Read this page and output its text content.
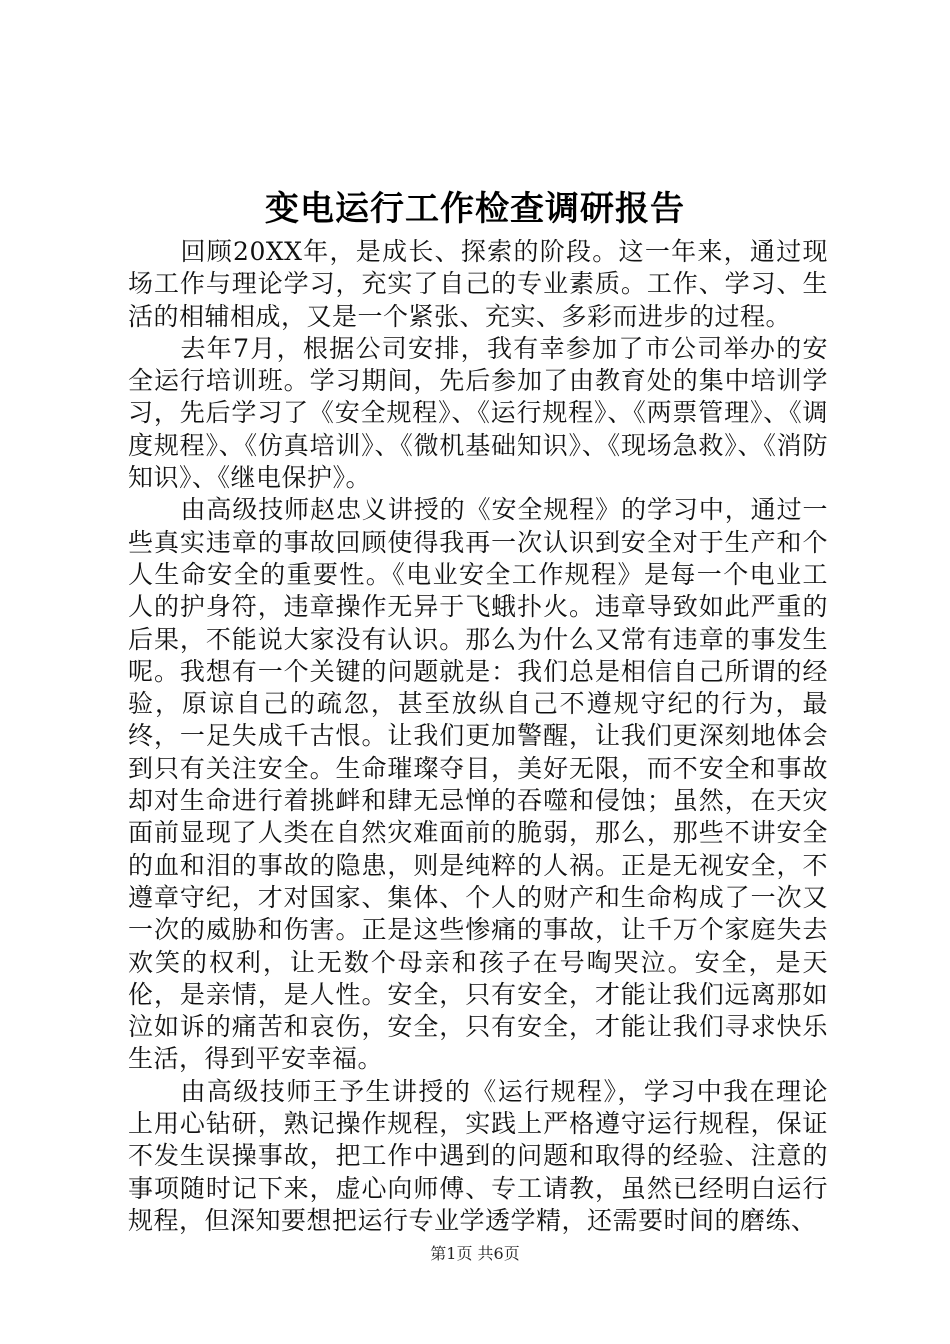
变电运行工作检查调研报告

回顾20XX年，是成长、探索的阶段。这一年来，通过现场工作与理论学习，充实了自己的专业素质。工作、学习、生活的相辅相成，又是一个紧张、充实、多彩而进步的过程。

去年7月，根据公司安排，我有幸参加了市公司举办的安全运行培训班。学习期间，先后参加了由教育处的集中培训学习，先后学习了《安全规程》、《运行规程》、《两票管理》、《调度规程》、《仿真培训》、《微机基础知识》、《现场急救》、《消防知识》、《继电保护》。

由高级技师赵忠义讲授的《安全规程》的学习中，通过一些真实违章的事故回顾使得我再一次认识到安全对于生产和个人生命安全的重要性。《电业安全工作规程》是每一个电业工人的护身符，违章操作无异于飞蛾扑火。违章导致如此严重的后果，不能说大家没有认识。那么为什么又常有违章的事发生呢。我想有一个关键的问题就是：我们总是相信自己所谓的经验，原谅自己的疏忽，甚至放纵自己不遵规守纪的行为，最终，一足失成千古恨。让我们更加警醒，让我们更深刻地体会到只有关注安全。生命璀璨夺目，美好无限，而不安全和事故却对生命进行着挑衅和肆无忌惮的吞噬和侵蚀；虽然，在天灾面前显现了人类在自然灾难面前的脆弱，那么，那些不讲安全的血和泪的事故的隐患，则是纯粹的人祸。正是无视安全，不遵章守纪，才对国家、集体、个人的财产和生命构成了一次又一次的威胁和伤害。正是这些惨痛的事故，让千万个家庭失去欢笑的权利，让无数个母亲和孩子在号啕哭泣。安全，是天伦，是亲情，是人性。安全，只有安全，才能让我们远离那如泣如诉的痛苦和哀伤，安全，只有安全，才能让我们寻求快乐生活，得到平安幸福。

由高级技师王予生讲授的《运行规程》，学习中我在理论上用心钻研，熟记操作规程，实践上严格遵守运行规程，保证不发生误操事故，把工作中遇到的问题和取得的经验、注意的事项随时记下来，虚心向师傅、专工请教，虽然已经明白运行规程，但深知要想把运行专业学透学精，还需要时间的磨练、

第1页 共6页
